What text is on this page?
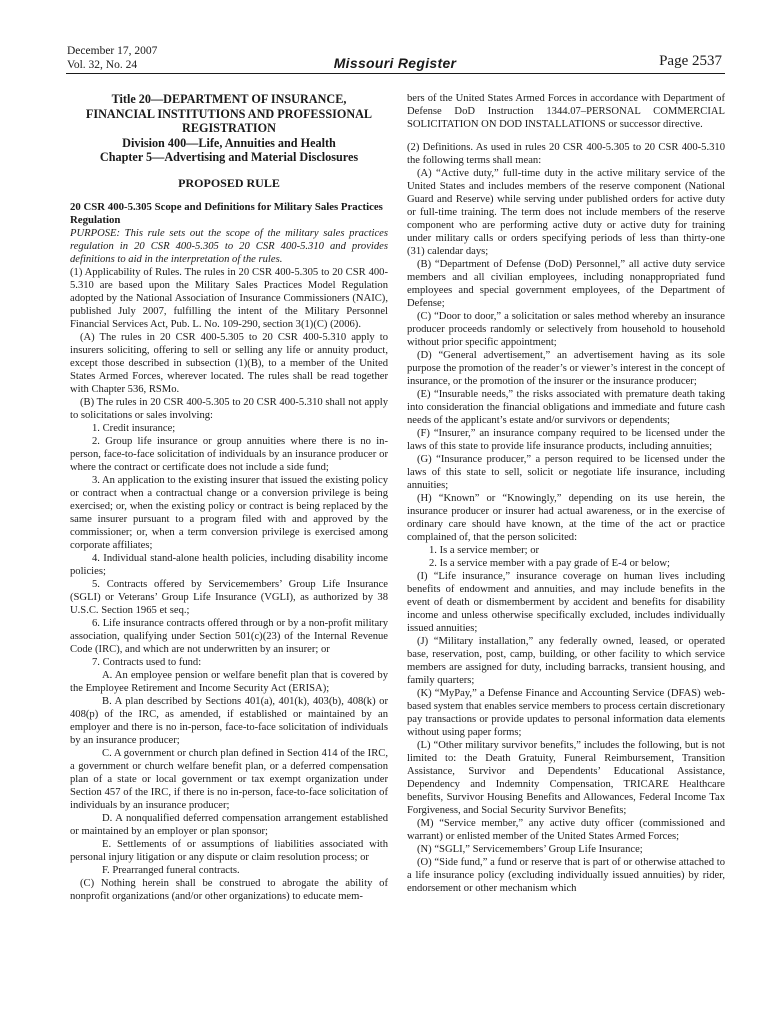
December 17, 2007
Vol. 32, No. 24	Missouri Register	Page 2537
Title 20—DEPARTMENT OF INSURANCE,
FINANCIAL INSTITUTIONS AND PROFESSIONAL
REGISTRATION
Division 400—Life, Annuities and Health
Chapter 5—Advertising and Material Disclosures
PROPOSED RULE

20 CSR 400-5.305 Scope and Definitions for Military Sales Practices Regulation

PURPOSE: This rule sets out the scope of the military sales practices regulation in 20 CSR 400-5.305 to 20 CSR 400-5.310 and provides definitions to aid in the interpretation of the rules.

(1) Applicability of Rules. The rules in 20 CSR 400-5.305 to 20 CSR 400-5.310 are based upon the Military Sales Practices Model Regulation adopted by the National Association of Insurance Commissioners (NAIC), published July 2007, fulfilling the intent of the Military Personnel Financial Services Act, Pub. L. No. 109-290, section 3(1)(C) (2006).

(A) The rules in 20 CSR 400-5.305 to 20 CSR 400-5.310 apply to insurers soliciting, offering to sell or selling any life or annuity product, except those described in subsection (1)(B), to a member of the United States Armed Forces, wherever located. The rules shall be read together with Chapter 536, RSMo.

(B) The rules in 20 CSR 400-5.305 to 20 CSR 400-5.310 shall not apply to solicitations or sales involving:

1. Credit insurance;

2. Group life insurance or group annuities where there is no in-person, face-to-face solicitation of individuals by an insurance producer or where the contract or certificate does not include a side fund;

3. An application to the existing insurer that issued the existing policy or contract when a contractual change or a conversion privilege is being exercised; or, when the existing policy or contract is being replaced by the same insurer pursuant to a program filed with and approved by the commissioner; or, when a term conversion privilege is exercised among corporate affiliates;

4. Individual stand-alone health policies, including disability income policies;

5. Contracts offered by Servicemembers’ Group Life Insurance (SGLI) or Veterans’ Group Life Insurance (VGLI), as authorized by 38 U.S.C. Section 1965 et seq.;

6. Life insurance contracts offered through or by a non-profit military association, qualifying under Section 501(c)(23) of the Internal Revenue Code (IRC), and which are not underwritten by an insurer; or

7. Contracts used to fund:

A. An employee pension or welfare benefit plan that is covered by the Employee Retirement and Income Security Act (ERISA);

B. A plan described by Sections 401(a), 401(k), 403(b), 408(k) or 408(p) of the IRC, as amended, if established or maintained by an employer and there is no in-person, face-to-face solicitation of individuals by an insurance producer;

C. A government or church plan defined in Section 414 of the IRC, a government or church welfare benefit plan, or a deferred compensation plan of a state or local government or tax exempt organization under Section 457 of the IRC, if there is no in-person, face-to-face solicitation of individuals by an insurance producer;

D. A nonqualified deferred compensation arrangement established or maintained by an employer or plan sponsor;

E. Settlements of or assumptions of liabilities associated with personal injury litigation or any dispute or claim resolution process; or

F. Prearranged funeral contracts.

(C) Nothing herein shall be construed to abrogate the ability of nonprofit organizations (and/or other organizations) to educate mem-

bers of the United States Armed Forces in accordance with Department of Defense DoD Instruction 1344.07–PERSONAL COMMERCIAL SOLICITATION ON DOD INSTALLATIONS or successor directive.

(2) Definitions. As used in rules 20 CSR 400-5.305 to 20 CSR 400-5.310 the following terms shall mean:

(A) “Active duty,” full-time duty in the active military service of the United States and includes members of the reserve component (National Guard and Reserve) while serving under published orders for active duty or full-time training. The term does not include members of the reserve component who are performing active duty or active duty for training under military calls or orders specifying periods of less than thirty-one (31) calendar days;

(B) “Department of Defense (DoD) Personnel,” all active duty service members and all civilian employees, including nonappropriated fund employees and special government employees, of the Department of Defense;

(C) “Door to door,” a solicitation or sales method whereby an insurance producer proceeds randomly or selectively from household to household without prior specific appointment;

(D) “General advertisement,” an advertisement having as its sole purpose the promotion of the reader’s or viewer’s interest in the concept of insurance, or the promotion of the insurer or the insurance producer;

(E) “Insurable needs,” the risks associated with premature death taking into consideration the financial obligations and immediate and future cash needs of the applicant’s estate and/or survivors or dependents;

(F) “Insurer,” an insurance company required to be licensed under the laws of this state to provide life insurance products, including annuities;

(G) “Insurance producer,” a person required to be licensed under the laws of this state to sell, solicit or negotiate life insurance, including annuities;

(H) “Known” or “Knowingly,” depending on its use herein, the insurance producer or insurer had actual awareness, or in the exercise of ordinary care should have known, at the time of the act or practice complained of, that the person solicited:

1. Is a service member; or

2. Is a service member with a pay grade of E-4 or below;

(I) “Life insurance,” insurance coverage on human lives including benefits of endowment and annuities, and may include benefits in the event of death or dismemberment by accident and benefits for disability income and unless otherwise specifically excluded, includes individually issued annuities;

(J) “Military installation,” any federally owned, leased, or operated base, reservation, post, camp, building, or other facility to which service members are assigned for duty, including barracks, transient housing, and family quarters;

(K) “MyPay,” a Defense Finance and Accounting Service (DFAS) web-based system that enables service members to process certain discretionary pay transactions or provide updates to personal information data elements without using paper forms;

(L) “Other military survivor benefits,” includes the following, but is not limited to: the Death Gratuity, Funeral Reimbursement, Transition Assistance, Survivor and Dependents’ Educational Assistance, Dependency and Indemnity Compensation, TRICARE Healthcare benefits, Survivor Housing Benefits and Allowances, Federal Income Tax Forgiveness, and Social Security Survivor Benefits;

(M) “Service member,” any active duty officer (commissioned and warrant) or enlisted member of the United States Armed Forces;

(N) “SGLI,” Servicemembers’ Group Life Insurance;

(O) “Side fund,” a fund or reserve that is part of or otherwise attached to a life insurance policy (excluding individually issued annuities) by rider, endorsement or other mechanism which
